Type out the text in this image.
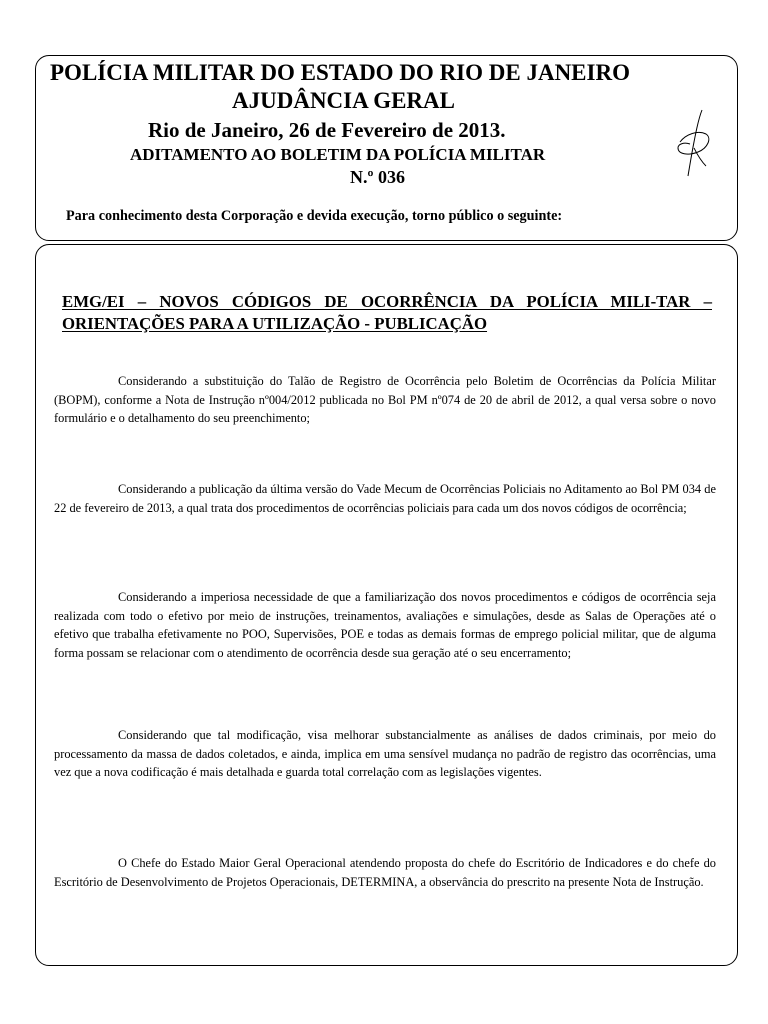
POLÍCIA MILITAR DO ESTADO DO RIO DE JANEIRO
AJUDÂNCIA GERAL
Rio de Janeiro, 26 de Fevereiro de 2013.
ADITAMENTO AO BOLETIM DA POLÍCIA MILITAR
N.º 036
Para conhecimento desta Corporação e devida execução, torno público o seguinte:
EMG/EI – NOVOS CÓDIGOS DE OCORRÊNCIA DA POLÍCIA MILI-TAR – ORIENTAÇÕES PARA A UTILIZAÇÃO - PUBLICAÇÃO
Considerando a substituição do Talão de Registro de Ocorrência pelo Boletim de Ocorrências da Polícia Militar (BOPM), conforme a Nota de Instrução nº004/2012 publicada no Bol PM nº074 de 20 de abril de 2012, a qual versa sobre o novo formulário e o detalhamento do seu preenchimento;
Considerando a publicação da última versão do Vade Mecum de Ocorrências Policiais no Aditamento ao Bol PM 034 de 22 de fevereiro de 2013, a qual trata dos procedimentos de ocorrências policiais para cada um dos novos códigos de ocorrência;
Considerando a imperiosa necessidade de que a familiarização dos novos procedimentos e códigos de ocorrência seja realizada com todo o efetivo por meio de instruções, treinamentos, avaliações e simulações, desde as Salas de Operações até o efetivo que trabalha efetivamente no POO, Supervisões, POE e todas as demais formas de emprego policial militar, que de alguma forma possam se relacionar com o atendimento de ocorrência desde sua geração até o seu encerramento;
Considerando que tal modificação, visa melhorar substancialmente as análises de dados criminais, por meio do processamento da massa de dados coletados, e ainda, implica em uma sensível mudança no padrão de registro das ocorrências, uma vez que a nova codificação é mais detalhada e guarda total correlação com as legislações vigentes.
O Chefe do Estado Maior Geral Operacional atendendo proposta do chefe do Escritório de Indicadores e do chefe do Escritório de Desenvolvimento de Projetos Operacionais, DETERMINA, a observância do prescrito na presente Nota de Instrução.
